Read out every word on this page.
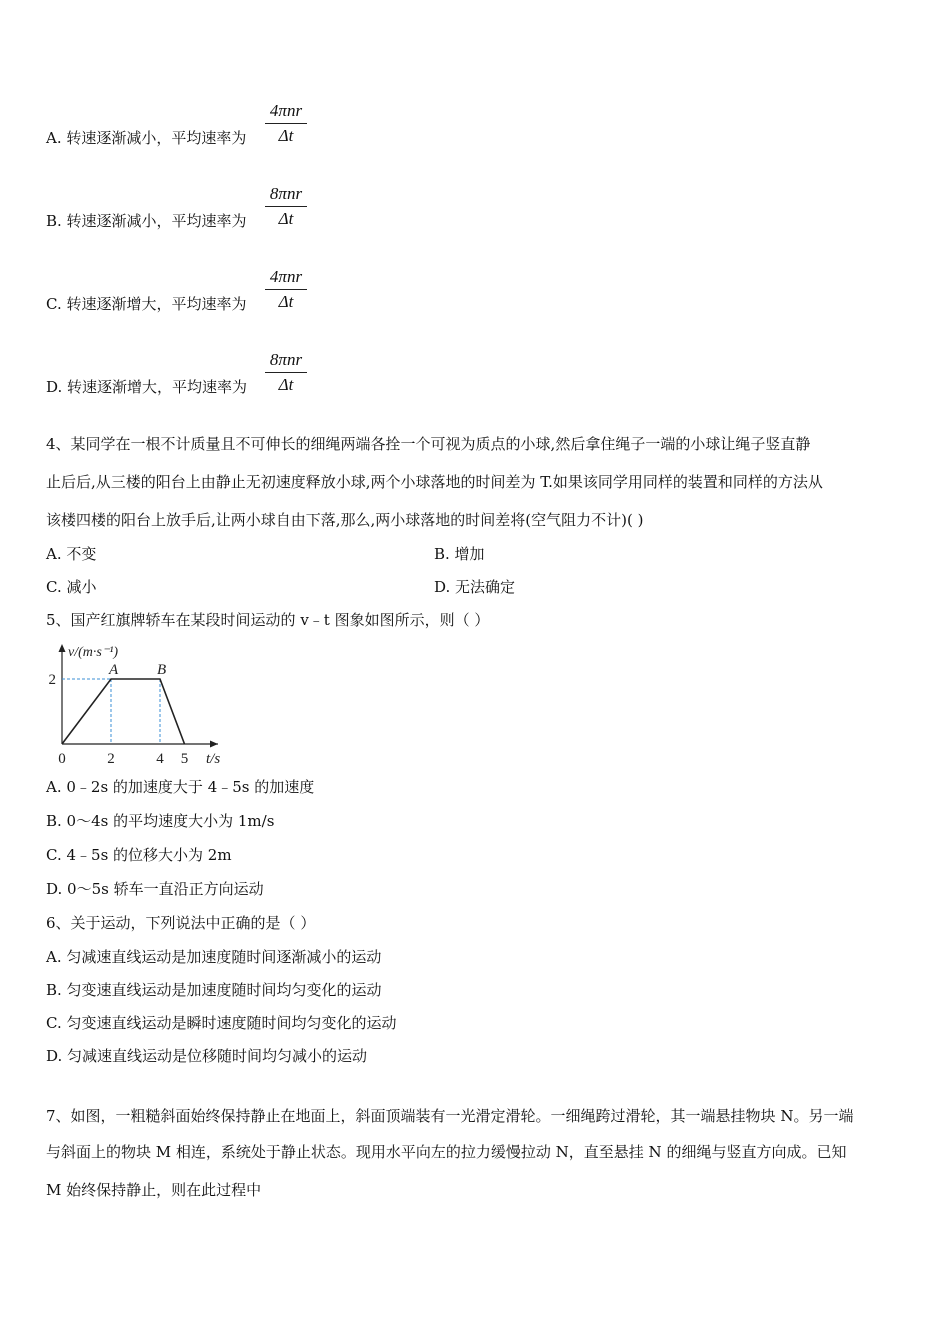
A. 转速逐渐减小，平均速率为
4πnr
Δt
B. 转速逐渐减小，平均速率为
8πnr
Δt
C. 转速逐渐增大，平均速率为
4πnr
Δt
D. 转速逐渐增大，平均速率为
8πnr
Δt
4、某同学在一根不计质量且不可伸长的细绳两端各拴一个可视为质点的小球,然后拿住绳子一端的小球让绳子竖直静
止后后,从三楼的阳台上由静止无初速度释放小球,两个小球落地的时间差为 T.如果该同学用同样的装置和同样的方法从
该楼四楼的阳台上放手后,让两小球自由下落,那么,两小球落地的时间差将(空气阻力不计)( )
A. 不变	B. 增加
C. 减小	D. 无法确定
5、国产红旗牌轿车在某段时间运动的 v﹣t 图象如图所示，则（ ）
0	2	4 5
2
A	B
v/(m·s⁻¹)
t/s
A. 0﹣2s 的加速度大于 4﹣5s 的加速度
B. 0～4s 的平均速度大小为 1m/s
C. 4﹣5s 的位移大小为 2m
D. 0～5s 轿车一直沿正方向运动
6、关于运动，下列说法中正确的是（ ）
A. 匀减速直线运动是加速度随时间逐渐减小的运动
B. 匀变速直线运动是加速度随时间均匀变化的运动
C. 匀变速直线运动是瞬时速度随时间均匀变化的运动
D. 匀减速直线运动是位移随时间均匀减小的运动
7、如图，一粗糙斜面始终保持静止在地面上，斜面顶端装有一光滑定滑轮。一细绳跨过滑轮，其一端悬挂物块 N。另一端
与斜面上的物块 M 相连，系统处于静止状态。现用水平向左的拉力缓慢拉动 N，直至悬挂 N 的细绳与竖直方向成。已知
M 始终保持静止，则在此过程中
